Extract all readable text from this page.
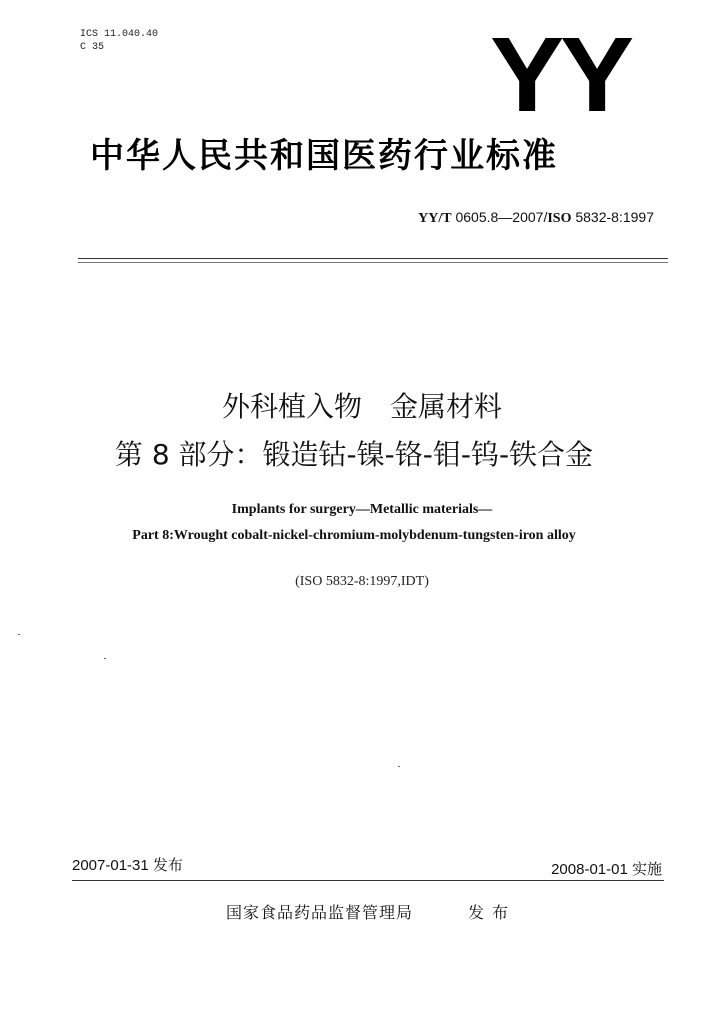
ICS 11.040.40
C 35	YY
中华人民共和国医药行业标准
YY/T 0605.8—2007/ISO 5832-8:1997
外科植入物　金属材料
第 8 部分：锻造钴-镍-铬-钼-钨-铁合金
Implants for surgery—Metallic materials—
Part 8:Wrought cobalt-nickel-chromium-molybdenum-tungsten-iron alloy
(ISO 5832-8:1997,IDT)
2007-01-31 发布	2008-01-01 实施
国家食品药品监督管理局	发布
